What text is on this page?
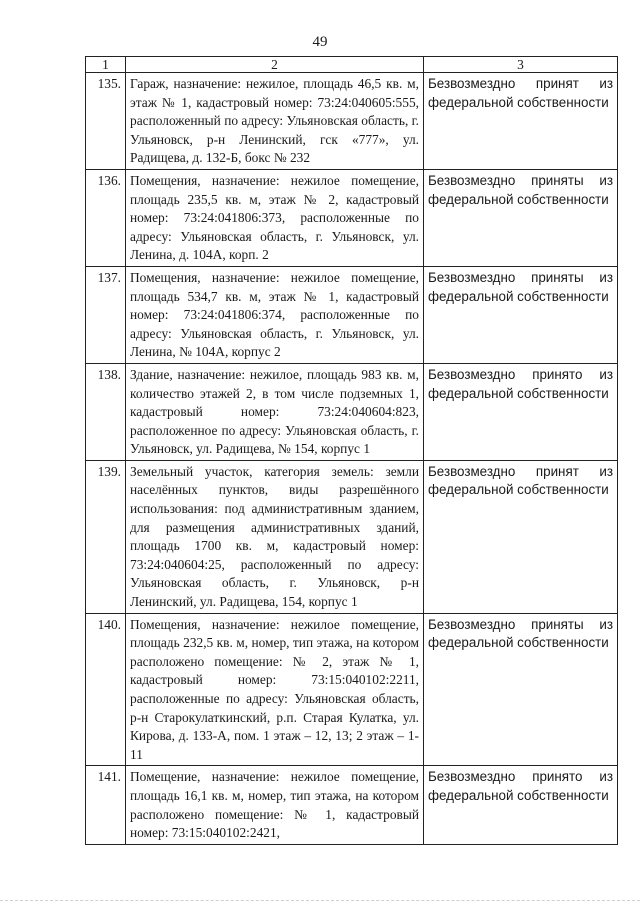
49
1	2	3
135.	Гараж, назначение: нежилое, площадь 46,5 кв. м, этаж № 1, кадастровый номер: 73:24:040605:555, расположенный по адресу: Ульяновская область, г. Ульяновск, р-н Ленинский, гск «777», ул. Радищева, д. 132-Б, бокс № 232	Безвозмездно принят из федеральной собственности
136.	Помещения, назначение: нежилое помещение, площадь 235,5 кв. м, этаж № 2, кадастровый номер: 73:24:041806:373, расположенные по адресу: Ульяновская область, г. Ульяновск, ул. Ленина, д. 104А, корп. 2	Безвозмездно приняты из федеральной собственности
137.	Помещения, назначение: нежилое помещение, площадь 534,7 кв. м, этаж № 1, кадастровый номер: 73:24:041806:374, расположенные по адресу: Ульяновская область, г. Ульяновск, ул. Ленина, № 104А, корпус 2	Безвозмездно приняты из федеральной собственности
138.	Здание, назначение: нежилое, площадь 983 кв. м, количество этажей 2, в том числе подземных 1, кадастровый номер: 73:24:040604:823, расположенное по адресу: Ульяновская область, г. Ульяновск, ул. Радищева, № 154, корпус 1	Безвозмездно принято из федеральной собственности
139.	Земельный участок, категория земель: земли населённых пунктов, виды разрешённого использования: под административным зданием, для размещения административных зданий, площадь 1700 кв. м, кадастровый номер: 73:24:040604:25, расположенный по адресу: Ульяновская область, г. Ульяновск, р-н Ленинский, ул. Радищева, 154, корпус 1	Безвозмездно принят из федеральной собственности
140.	Помещения, назначение: нежилое помещение, площадь 232,5 кв. м, номер, тип этажа, на котором расположено помещение: № 2, этаж № 1, кадастровый номер: 73:15:040102:2211, расположенные по адресу: Ульяновская область, р-н Старокулаткинский, р.п. Старая Кулатка, ул. Кирова, д. 133-А, пом. 1 этаж – 12, 13; 2 этаж – 1-11	Безвозмездно приняты из федеральной собственности
141.	Помещение, назначение: нежилое помещение, площадь 16,1 кв. м, номер, тип этажа, на котором расположено помещение: № 1, кадастровый номер: 73:15:040102:2421,	Безвозмездно принято из федеральной собственности
